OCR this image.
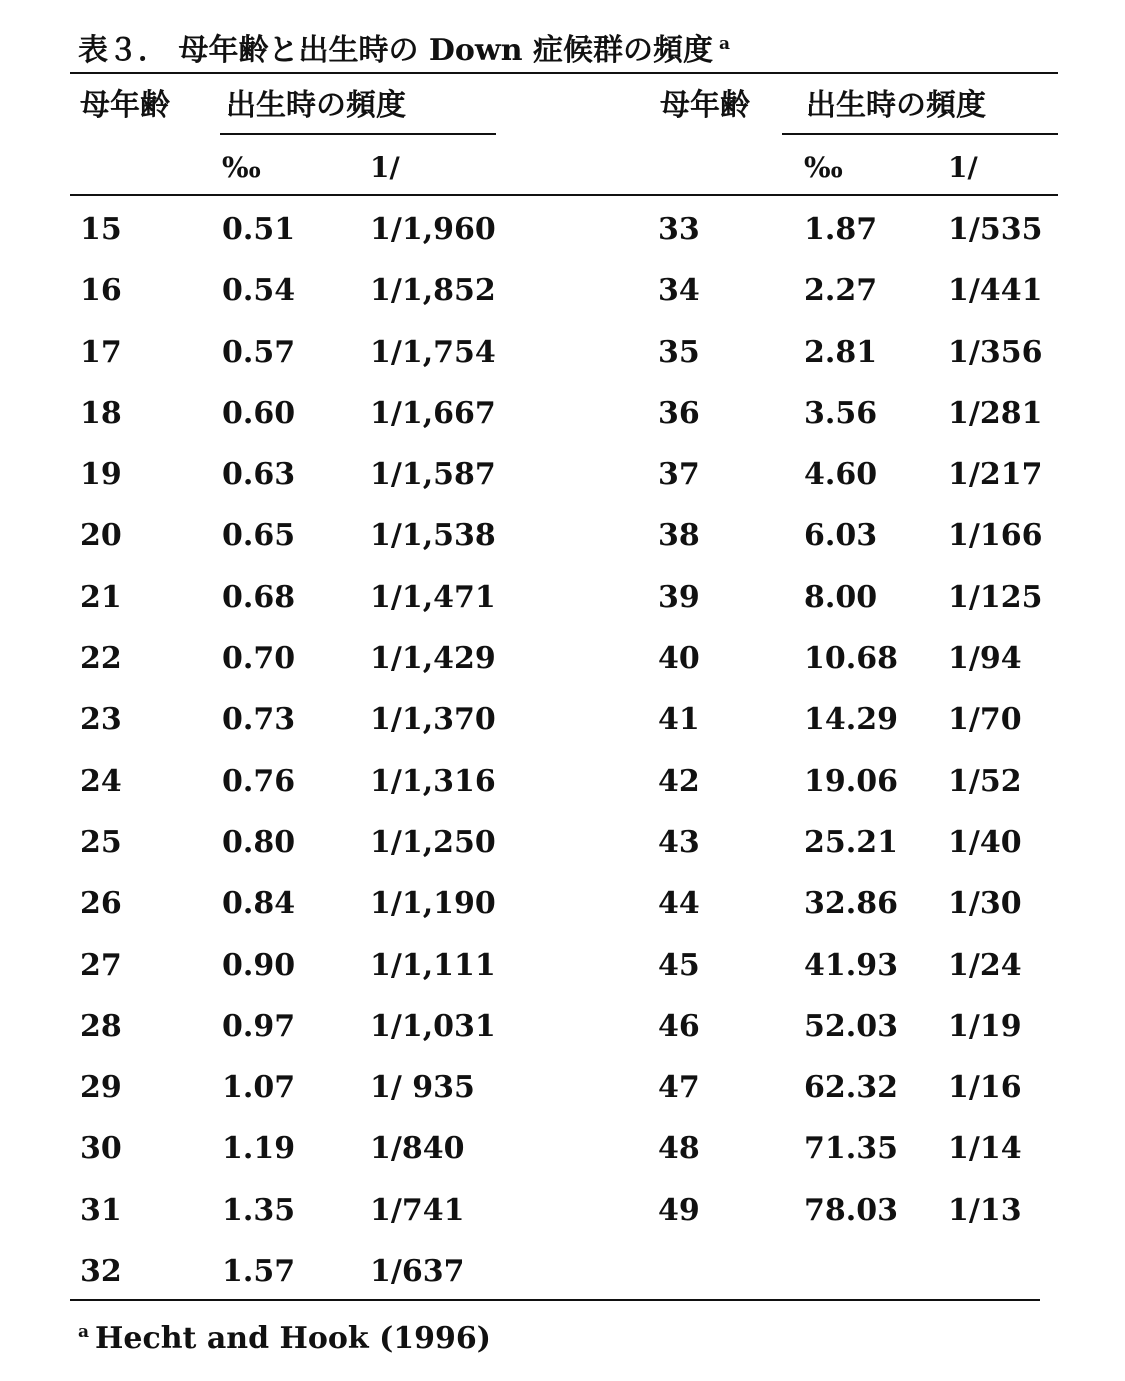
表３． 母年齢と出生時の Down 症候群の頻度 $^a$
母年齢 出生時の頻度	母年齢 出生時の頻度
‰	1/	‰	1/
15	0.51 1/1,960	33	1.87 1/535
16	0.54 1/1,852	34	2.27 1/441
17	0.57 1/1,754	35	2.81 1/356
18	0.60 1/1,667	36	3.56 1/281
19	0.63 1/1,587	37	4.60 1/217
20	0.65 1/1,538	38	6.03 1/166
21	0.68 1/1,471	39	8.00 1/125
22	0.70 1/1,429	40	10.68 1/94
23	0.73 1/1,370	41	14.29 1/70
24	0.76 1/1,316	42	19.06 1/52
25	0.80 1/1,250	43	25.21 1/40
26	0.84 1/1,190	44	32.86 1/30
27	0.90 1/1,111	45	41.93 1/24
28	0.97 1/1,031	46	52.03 1/19
29	1.07 1/ 935	47	62.32 1/16
30	1.19 1/840	48	71.35 1/14
31	1.35 1/741	49	78.03 1/13
32	1.57 1/637
$^a$ Hecht and Hook (1996)
